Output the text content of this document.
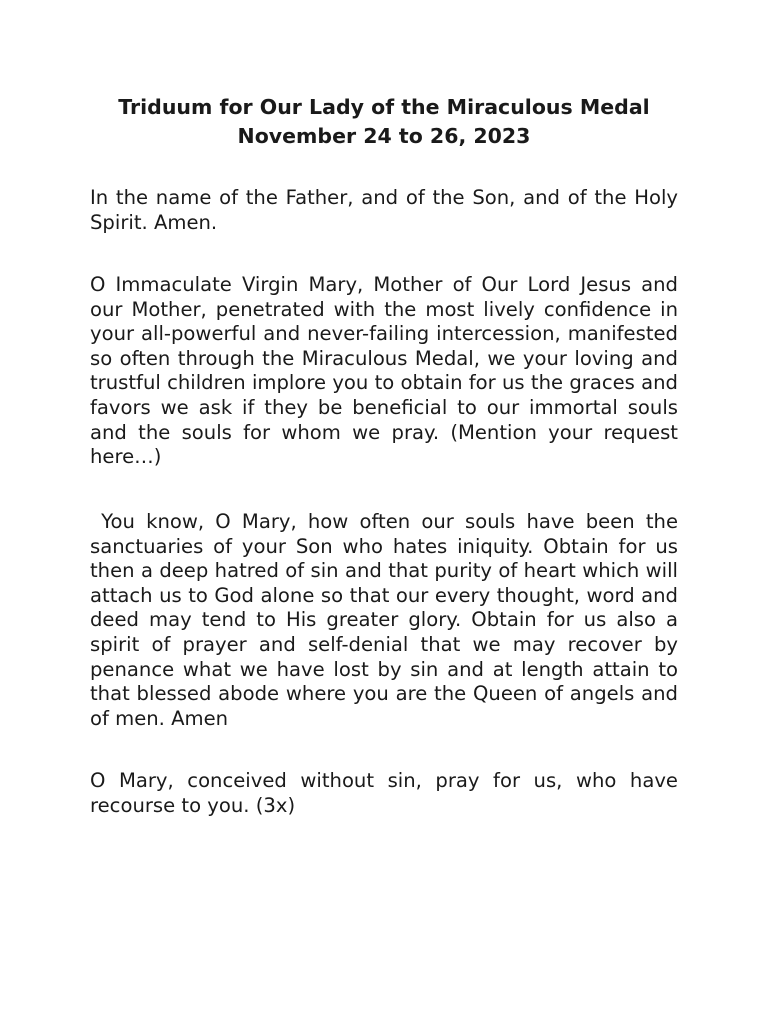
Triduum for Our Lady of the Miraculous Medal
November 24 to 26, 2023

In the name of the Father, and of the Son, and of the Holy Spirit. Amen.

O Immaculate Virgin Mary, Mother of Our Lord Jesus and our Mother, penetrated with the most lively confidence in your all-powerful and never-failing intercession, manifested so often through the Miraculous Medal, we your loving and trustful children implore you to obtain for us the graces and favors we ask if they be beneficial to our immortal souls and the souls for whom we pray. (Mention your request here…)

You know, O Mary, how often our souls have been the sanctuaries of your Son who hates iniquity. Obtain for us then a deep hatred of sin and that purity of heart which will attach us to God alone so that our every thought, word and deed may tend to His greater glory. Obtain for us also a spirit of prayer and self-denial that we may recover by penance what we have lost by sin and at length attain to that blessed abode where you are the Queen of angels and of men. Amen

O Mary, conceived without sin, pray for us, who have recourse to you. (3x)
